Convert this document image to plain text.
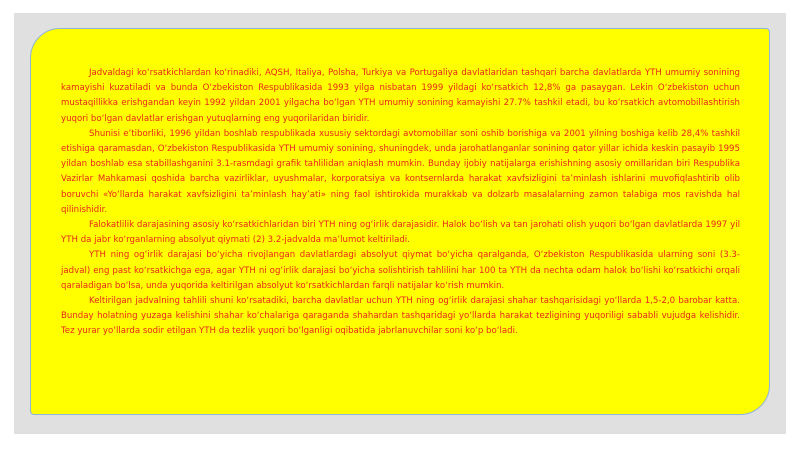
Jadvaldagi ko‘rsatkichlardan ko‘rinadiki, AQSH, Italiya, Polsha, Turkiya va Portugaliya davlatlaridan tashqari barcha davlatlarda YTH umumiy sonining kamayishi kuzatiladi va bunda O‘zbekiston Respublikasida 1993 yilga nisbatan 1999 yildagi ko‘rsatkich 12,8% ga pasaygan. Lekin O‘zbekiston uchun mustaqillikka erishgandan keyin 1992 yildan 2001 yilgacha bo‘lgan YTH umumiy sonining kamayishi 27.7% tashkil etadi, bu ko‘rsatkich avtomobillashtirish yuqori bo‘lgan davlatlar erishgan yutuqlarning eng yuqorilaridan biridir.

Shunisi e’tiborliki, 1996 yildan boshlab respublikada xususiy sektordagi avtomobillar soni oshib borishiga va 2001 yilning boshiga kelib 28,4% tashkil etishiga qaramasdan, O‘zbekiston Respublikasida YTH umumiy sonining, shuningdek, unda jarohatlanganlar sonining qator yillar ichida keskin pasayib 1995 yildan boshlab esa stabillashganini 3.1-rasmdagi grafik tahlilidan aniqlash mumkin. Bunday ijobiy natijalarga erishishning asosiy omillaridan biri Respublika Vazirlar Mahkamasi qoshida barcha vazirliklar, uyushmalar, korporatsiya va kontsernlarda harakat xavfsizligini ta’minlash ishlarini muvofiqlashtirib olib boruvchi «Yo‘llarda harakat xavfsizligini ta’minlash hay’ati» ning faol ishtirokida murakkab va dolzarb masalalarning zamon talabiga mos ravishda hal qilinishidir.

Falokatlilik darajasining asosiy ko‘rsatkichlaridan biri YTH ning og‘irlik darajasidir. Halok bo‘lish va tan jarohati olish yuqori bo‘lgan davlatlarda 1997 yil YTH da jabr ko‘rganlarning absolyut qiymati (2) 3.2-jadvalda ma’lumot keltiriladi.

YTH ning og‘irlik darajasi bo‘yicha rivojlangan davlatlardagi absolyut qiymat bo‘yicha qaralganda, O‘zbekiston Respublikasida ularning soni (3.3-jadval) eng past ko‘rsatkichga ega, agar YTH ni og‘irlik darajasi bo‘yicha solishtirish tahlilini har 100 ta YTH da nechta odam halok bo‘lishi ko‘rsatkichi orqali qaraladigan bo‘lsa, unda yuqorida keltirilgan absolyut ko‘rsatkichlardan farqli natijalar ko‘rish mumkin.

Keltirilgan jadvalning tahlili shuni ko‘rsatadiki, barcha davlatlar uchun YTH ning og‘irlik darajasi shahar tashqarisidagi yo‘llarda 1,5-2,0 barobar katta. Bunday holatning yuzaga kelishini shahar ko‘chalariga qaraganda shahardan tashqaridagi yo‘llarda harakat tezligining yuqoriligi sababli vujudga kelishidir. Tez yurar yo‘llarda sodir etilgan YTH da tezlik yuqori bo‘lganligi oqibatida jabrlanuvchilar soni ko‘p bo‘ladi.
